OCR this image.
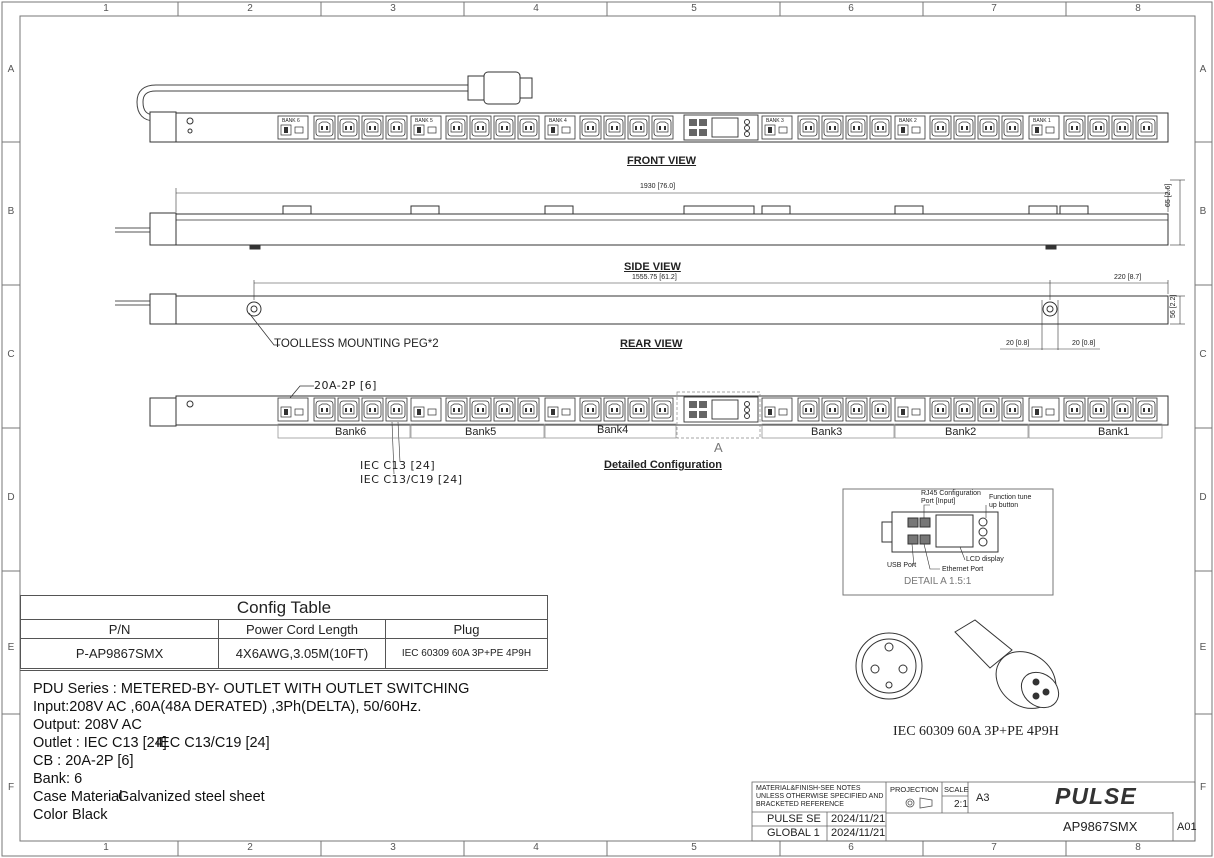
1	2	3	4	5	6	7	8
1	2	3	4	5	6	7	8
A
B
C
D
E
F
A
B
C
D
E
F
BANK 6	BANK 5	BANK 4	BANK 3	BANK 2	BANK 1
FRONT VIEW
SIDE VIEW
REAR VIEW
Detailed Configuration
1930 [76.0]	65 [2.6]
1555.75 [61.2]	220 [8.7]
56 [2.2]
20 [0.8]	20 [0.8]
TOOLLESS MOUNTING PEG*2
20A-2P [6]
IEC C13 [24]
IEC C13/C19 [24]
A
Bank6	Bank5	Bank4	Bank3	Bank2	Bank1
RJ45 Configuration
Port [Input]
Function tune
up button
LCD display
USB Port
Ethernet Port
DETAIL A 1.5:1
Config Table		
P/N	Power Cord Length	Plug
P-AP9867SMX	4X6AWG,3.05M(10FT)	IEC 60309 60A 3P+PE 4P9H
PDU Series : METERED-BY- OUTLET WITH OUTLET SWITCHING
Input:208V AC ,60A(48A DERATED) ,3Ph(DELTA), 50/60Hz.
Output: 208V AC
Outlet : IEC C13 [24]
IEC C13/C19 [24]
CB : 20A-2P [6]
Bank: 6
Case Material
Galvanized steel sheet
Color Black
IEC 60309 60A 3P+PE 4P9H
MATERIAL&FINISH-SEE NOTES
UNLESS OTHERWISE SPECIFIED AND
BRACKETED REFERENCE
PROJECTION SCALE
2:1
A3
PULSE SE 2024/11/21
GLOBAL 1 2024/11/21	AP9867SMX	A01
PULSE
